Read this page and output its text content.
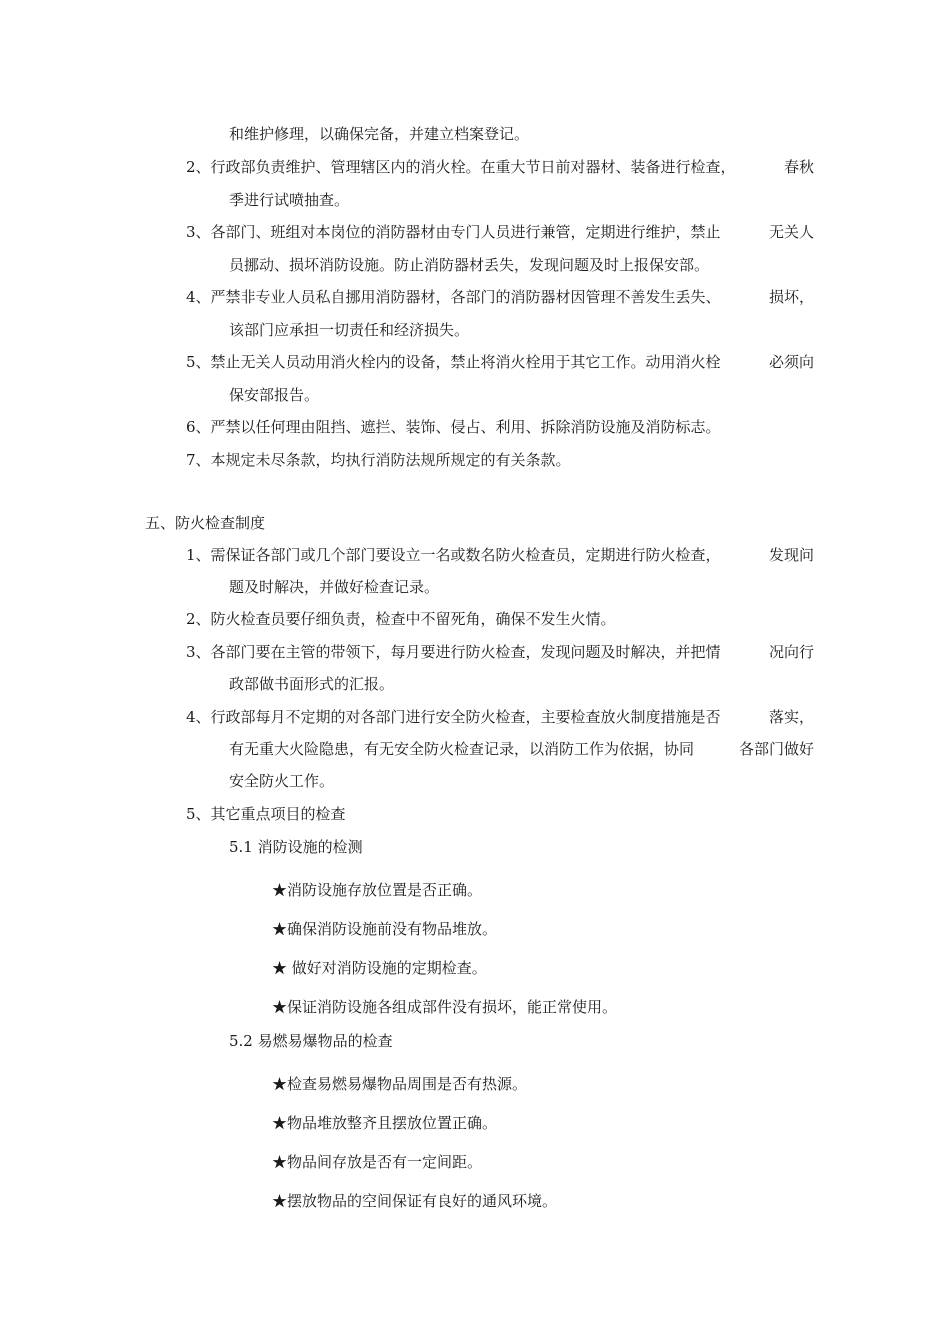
和维护修理，以确保完备，并建立档案登记。
2、行政部负责维护、管理辖区内的消火栓。在重大节日前对器材、装备进行检查，	春秋
季进行试喷抽查。
3、各部门、班组对本岗位的消防器材由专门人员进行兼管，定期进行维护，禁止	无关人
员挪动、损坏消防设施。防止消防器材丢失，发现问题及时上报保安部。
4、严禁非专业人员私自挪用消防器材，各部门的消防器材因管理不善发生丢失、	损坏，
该部门应承担一切责任和经济损失。
5、禁止无关人员动用消火栓内的设备，禁止将消火栓用于其它工作。动用消火栓	必须向
保安部报告。
6、严禁以任何理由阻挡、遮拦、装饰、侵占、利用、拆除消防设施及消防标志。
7、本规定未尽条款，均执行消防法规所规定的有关条款。
五、防火检查制度
1、需保证各部门或几个部门要设立一名或数名防火检查员，定期进行防火检查，	发现问
题及时解决，并做好检查记录。
2、防火检查员要仔细负责，检查中不留死角，确保不发生火情。
3、各部门要在主管的带领下，每月要进行防火检查，发现问题及时解决，并把情	况向行
政部做书面形式的汇报。
4、行政部每月不定期的对各部门进行安全防火检查，主要检查放火制度措施是否	落实，
有无重大火险隐患，有无安全防火检查记录，以消防工作为依据，协同	各部门做好
安全防火工作。
5、其它重点项目的检查
5.1 消防设施的检测
★消防设施存放位置是否正确。
★确保消防设施前没有物品堆放。
★ 做好对消防设施的定期检查。
★保证消防设施各组成部件没有损坏，能正常使用。
5.2 易燃易爆物品的检查
★检查易燃易爆物品周围是否有热源。
★物品堆放整齐且摆放位置正确。
★物品间存放是否有一定间距。
★摆放物品的空间保证有良好的通风环境。
